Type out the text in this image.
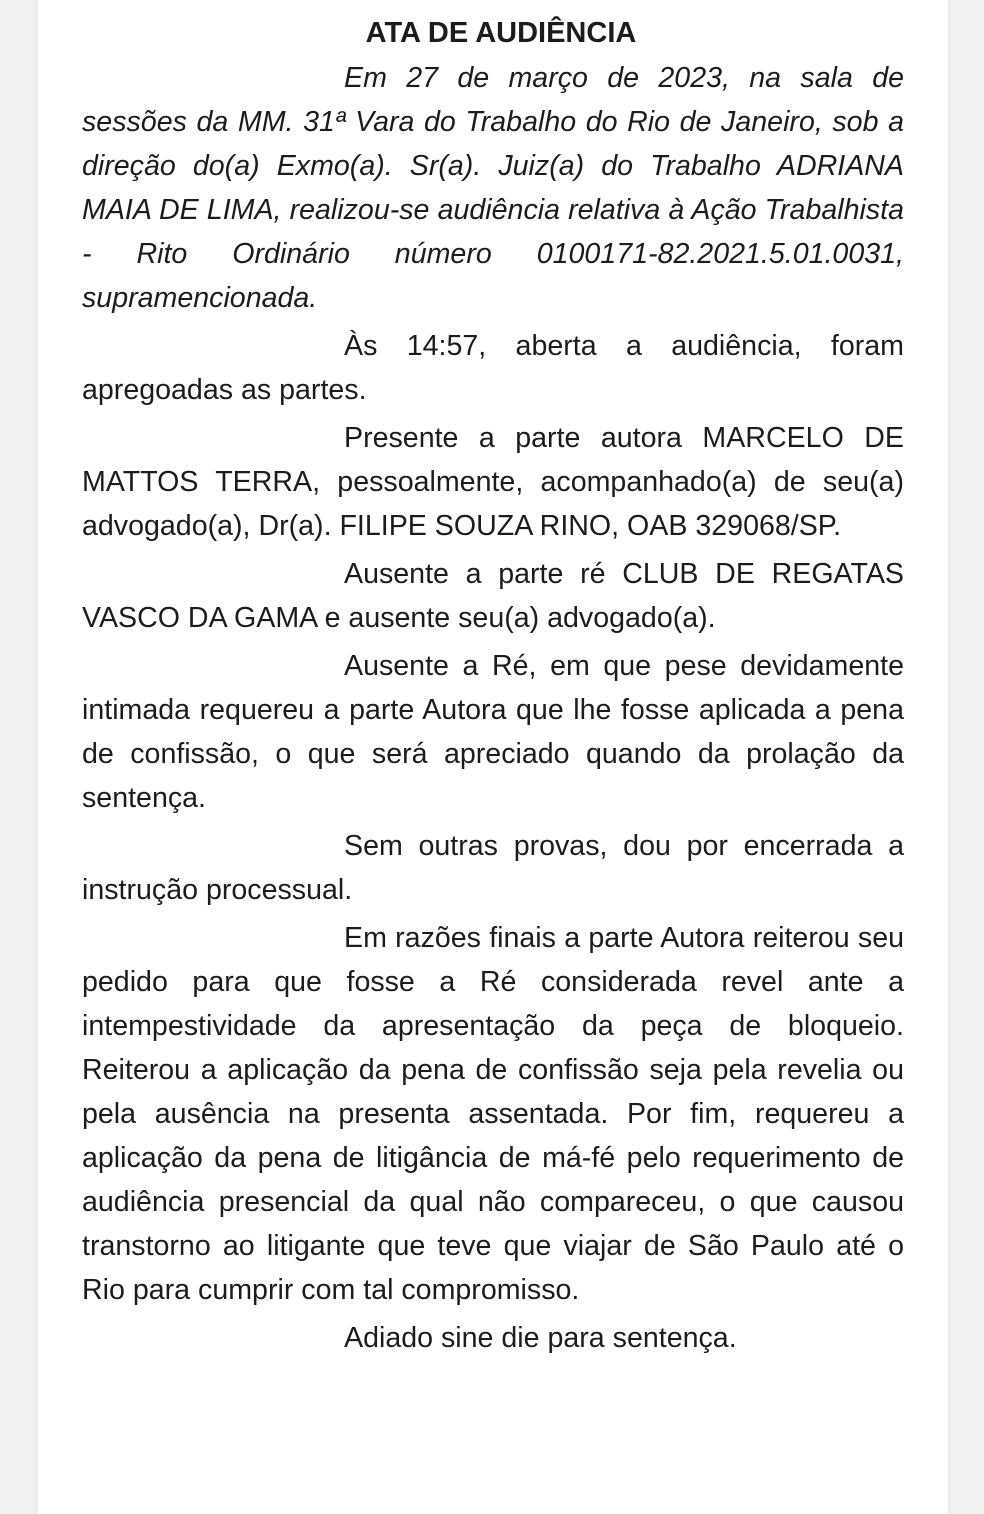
ATA DE AUDIÊNCIA

Em 27 de março de 2023, na sala de sessões da MM. 31ª Vara do Trabalho do Rio de Janeiro, sob a direção do(a) Exmo(a). Sr(a). Juiz(a) do Trabalho ADRIANA MAIA DE LIMA, realizou-se audiência relativa à Ação Trabalhista - Rito Ordinário número 0100171-82.2021.5.01.0031, supramencionada.

Às 14:57, aberta a audiência, foram apregoadas as partes.

Presente a parte autora MARCELO DE MATTOS TERRA, pessoalmente, acompanhado(a) de seu(a) advogado(a), Dr(a). FILIPE SOUZA RINO, OAB 329068/SP.

Ausente a parte ré CLUB DE REGATAS VASCO DA GAMA e ausente seu(a) advogado(a).

Ausente a Ré, em que pese devidamente intimada requereu a parte Autora que lhe fosse aplicada a pena de confissão, o que será apreciado quando da prolação da sentença.

Sem outras provas, dou por encerrada a instrução processual.

Em razões finais a parte Autora reiterou seu pedido para que fosse a Ré considerada revel ante a intempestividade da apresentação da peça de bloqueio. Reiterou a aplicação da pena de confissão seja pela revelia ou pela ausência na presenta assentada. Por fim, requereu a aplicação da pena de litigância de má-fé pelo requerimento de audiência presencial da qual não compareceu, o que causou transtorno ao litigante que teve que viajar de São Paulo até o Rio para cumprir com tal compromisso.

Adiado sine die para sentença.
